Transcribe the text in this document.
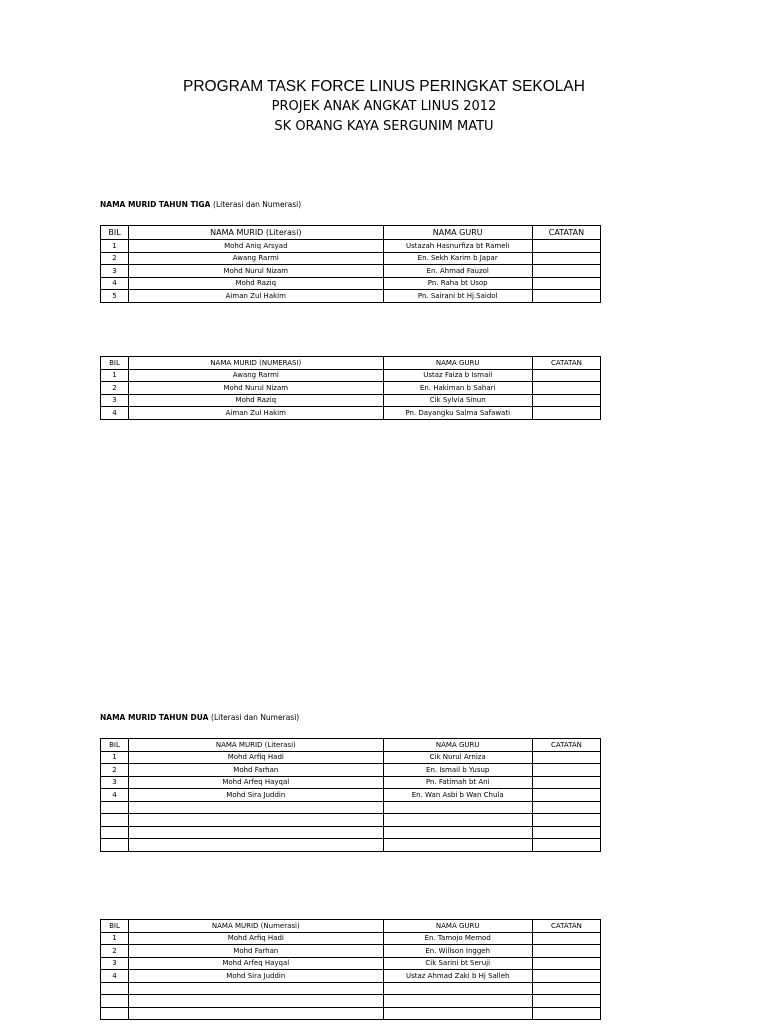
PROGRAM TASK FORCE LINUS PERINGKAT SEKOLAH
PROJEK ANAK ANGKAT LINUS 2012
SK ORANG KAYA SERGUNIM MATU
NAMA MURID TAHUN TIGA (Literasi dan Numerasi)
BIL	NAMA MURID (Literasi)	NAMA GURU	CATATAN
1	Mohd Aniq Arsyad	Ustazah Hasnurfiza bt Rameli	
2	Awang Rarmi	En. Sekh Karim b Japar	
3	Mohd Nurul Nizam	En. Ahmad Fauzol	
4	Mohd Raziq	Pn. Raha bt Usop	
5	Aiman Zul Hakim	Pn. Sairani bt Hj.Saidol	
BIL	NAMA MURID (NUMERASI)	NAMA GURU	CATATAN
1	Awang Rarmi	Ustaz Faiza b Ismail	
2	Mohd Nurul Nizam	En. Hakiman b Sahari	
3	Mohd Raziq	Cik Sylvia Sinun	
4	Aiman Zul Hakim	Pn. Dayangku Salma Safawati	
NAMA MURID TAHUN DUA (Literasi dan Numerasi)
BIL	NAMA MURID (Literasi)	NAMA GURU	CATATAN
1	Mohd Arfiq Hadi	Cik Nurul Arniza	
2	Mohd Farhan	En. Ismail b Yusup	
3	Mohd Arfeq Hayqal	Pn. Fatimah bt Ani	
4	Mohd Sira Juddin	En. Wan Asbi b Wan Chula	

BIL	NAMA MURID (Numerasi)	NAMA GURU	CATATAN
1	Mohd Arfiq Hadi	En. Tamojo Memod	
2	Mohd Farhan	En. Willson Inggeh	
3	Mohd Arfeq Hayqal	Cik Sarini bt Seruji	
4	Mohd Sira Juddin	Ustaz Ahmad Zaki b Hj Salleh	
